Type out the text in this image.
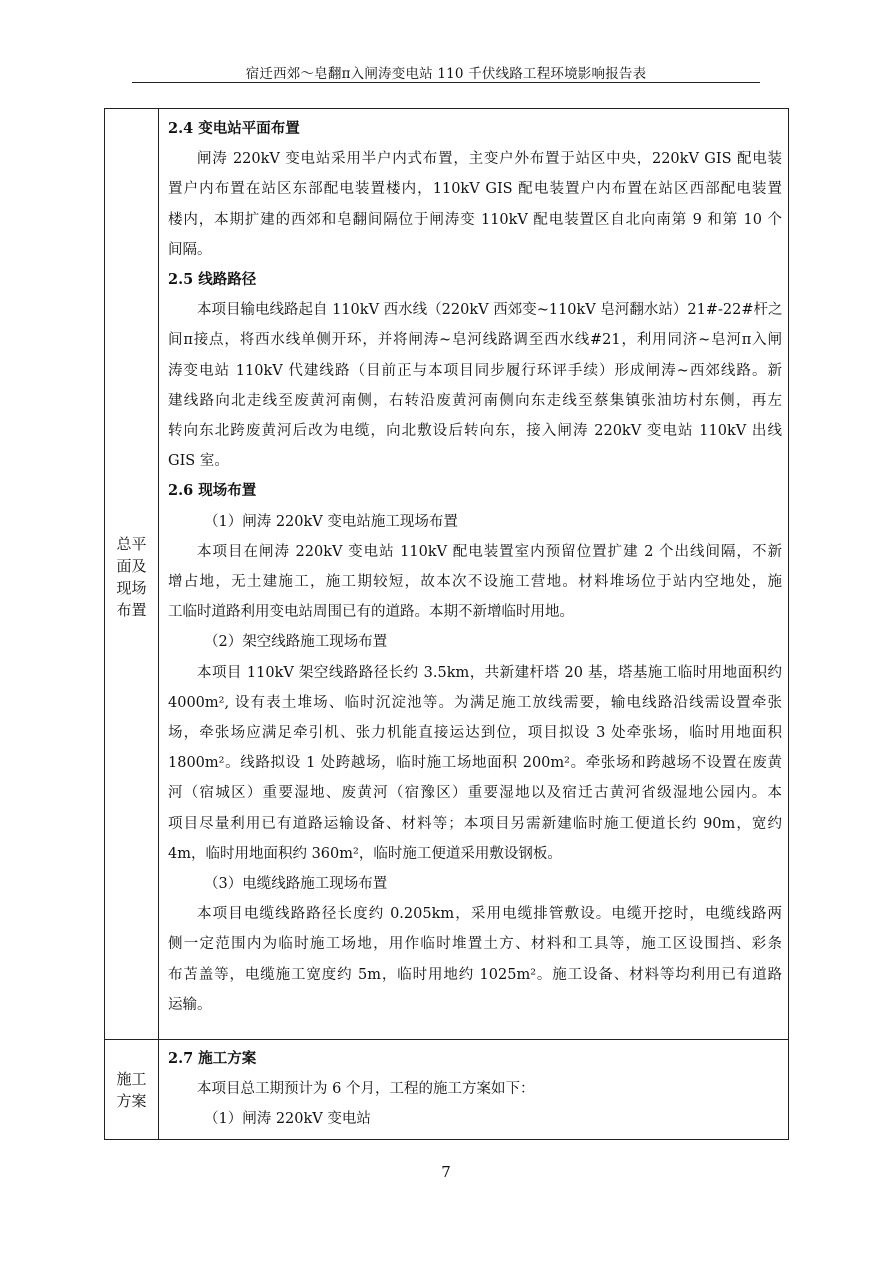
宿迁西郊～皂翻π入闸涛变电站 110 千伏线路工程环境影响报告表
总平
面及
现场
布置
施工
方案
2.4 变电站平面布置
闸涛 220kV 变电站采用半户内式布置，主变户外布置于站区中央，220kV GIS 配电装
置户内布置在站区东部配电装置楼内，110kV GIS 配电装置户内布置在站区西部配电装置
楼内，本期扩建的西郊和皂翻间隔位于闸涛变 110kV 配电装置区自北向南第 9 和第 10 个
间隔。
2.5 线路路径
本项目输电线路起自 110kV 西水线（220kV 西郊变~110kV 皂河翻水站）21#-22#杆之
间π接点，将西水线单侧开环，并将闸涛~皂河线路调至西水线#21，利用同济~皂河π入闸
涛变电站 110kV 代建线路（目前正与本项目同步履行环评手续）形成闸涛~西郊线路。新
建线路向北走线至废黄河南侧，右转沿废黄河南侧向东走线至蔡集镇张油坊村东侧，再左
转向东北跨废黄河后改为电缆，向北敷设后转向东，接入闸涛 220kV 变电站 110kV 出线
GIS 室。
2.6 现场布置
（1）闸涛 220kV 变电站施工现场布置
本项目在闸涛 220kV 变电站 110kV 配电装置室内预留位置扩建 2 个出线间隔，不新
增占地，无土建施工，施工期较短，故本次不设施工营地。材料堆场位于站内空地处，施
工临时道路利用变电站周围已有的道路。本期不新增临时用地。
（2）架空线路施工现场布置
本项目 110kV 架空线路路径长约 3.5km，共新建杆塔 20 基，塔基施工临时用地面积约
4000m², 设有表土堆场、临时沉淀池等。为满足施工放线需要，输电线路沿线需设置牵张
场，牵张场应满足牵引机、张力机能直接运达到位，项目拟设 3 处牵张场，临时用地面积
1800m²。线路拟设 1 处跨越场，临时施工场地面积 200m²。牵张场和跨越场不设置在废黄
河（宿城区）重要湿地、废黄河（宿豫区）重要湿地以及宿迁古黄河省级湿地公园内。本
项目尽量利用已有道路运输设备、材料等；本项目另需新建临时施工便道长约 90m，宽约
4m，临时用地面积约 360m²，临时施工便道采用敷设钢板。
（3）电缆线路施工现场布置
本项目电缆线路路径长度约 0.205km，采用电缆排管敷设。电缆开挖时，电缆线路两
侧一定范围内为临时施工场地，用作临时堆置土方、材料和工具等，施工区设围挡、彩条
布苫盖等，电缆施工宽度约 5m，临时用地约 1025m²。施工设备、材料等均利用已有道路
运输。
2.7 施工方案
本项目总工期预计为 6 个月，工程的施工方案如下：
（1）闸涛 220kV 变电站
7
